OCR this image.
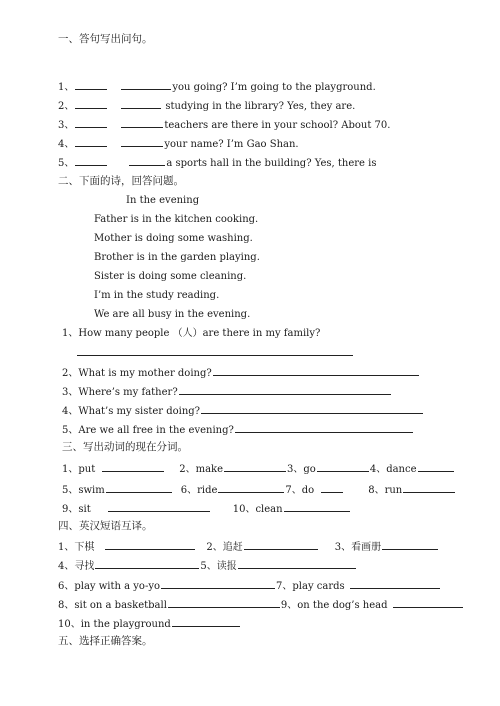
一、答句写出问句。
1、	you going? I’m going to the playground.
2、	studying in the library? Yes, they are.
3、	teachers are there in your school? About 70.
4、	your name? I’m Gao Shan.
5、	a sports hall in the building? Yes, there is
二、下面的诗，回答问题。
In the evening
Father is in the kitchen cooking.
Mother is doing some washing.
Brother is in the garden playing.
Sister is doing some cleaning.
I’m in the study reading.
We are all busy in the evening.
1、How many people （人）are there in my family?
2、What is my mother doing?
3、Where’s my father?
4、What’s my sister doing?
5、Are we all free in the evening?
三、写出动词的现在分词。
1、put	2、make	3、go	4、dance
5、swim	6、ride	7、do	8、run
9、sit	10、clean
四、英汉短语互译。
1、下棋	2、追赶	3、看画册
4、寻找	5、读报
6、play with a yo-yo	7、play cards
8、sit on a basketball	9、on the dog’s head
10、in the playground
五、选择正确答案。
